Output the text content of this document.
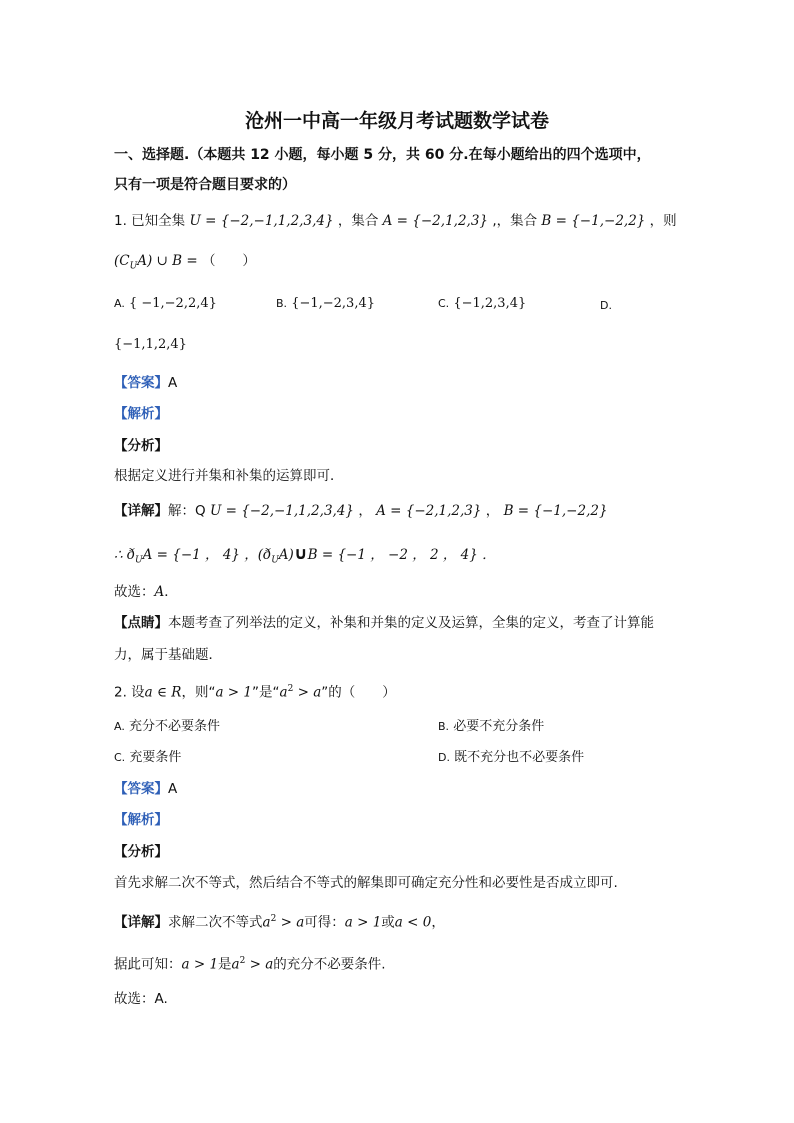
沧州一中高一年级月考试题数学试卷
一、选择题.（本题共 12 小题，每小题 5 分，共 60 分.在每小题给出的四个选项中，
只有一项是符合题目要求的）
1. 已知全集 U = {−2,−1,1,2,3,4} ，集合 A = {−2,1,2,3} ,，集合 B = {−1,−2,2} ，则
$(C_UA)$ ∪ B = （　　）
A. { −1,−2,2,4}	B. {−1,−2,3,4}	C. {−1,2,3,4}	D.
{−1,1,2,4}
【答案】A
【解析】
【分析】
根据定义进行并集和补集的运算即可．
【详解】解：Q U = {−2,−1,1,2,3,4} ， A = {−2,1,2,3} ， B = {−1,−2,2}
∴ $ð_UA = \{-1$ ， 4} ，$(ð_UA)\cup B = \{-1$ ， −2 ， 2 ， 4} ．
故选：A．
【点睛】本题考查了列举法的定义，补集和并集的定义及运算，全集的定义，考查了计算能
力，属于基础题．
2. 设a ∈ R，则“a > 1”是“$a^2 > a$”的（　　）
A. 充分不必要条件	B. 必要不充分条件
C. 充要条件	D. 既不充分也不必要条件
【答案】A
【解析】
【分析】
首先求解二次不等式，然后结合不等式的解集即可确定充分性和必要性是否成立即可.
【详解】求解二次不等式$a^2 > a$可得：a > 1或a < 0，
据此可知：a > 1是$a^2 > a$的充分不必要条件.
故选：A.
